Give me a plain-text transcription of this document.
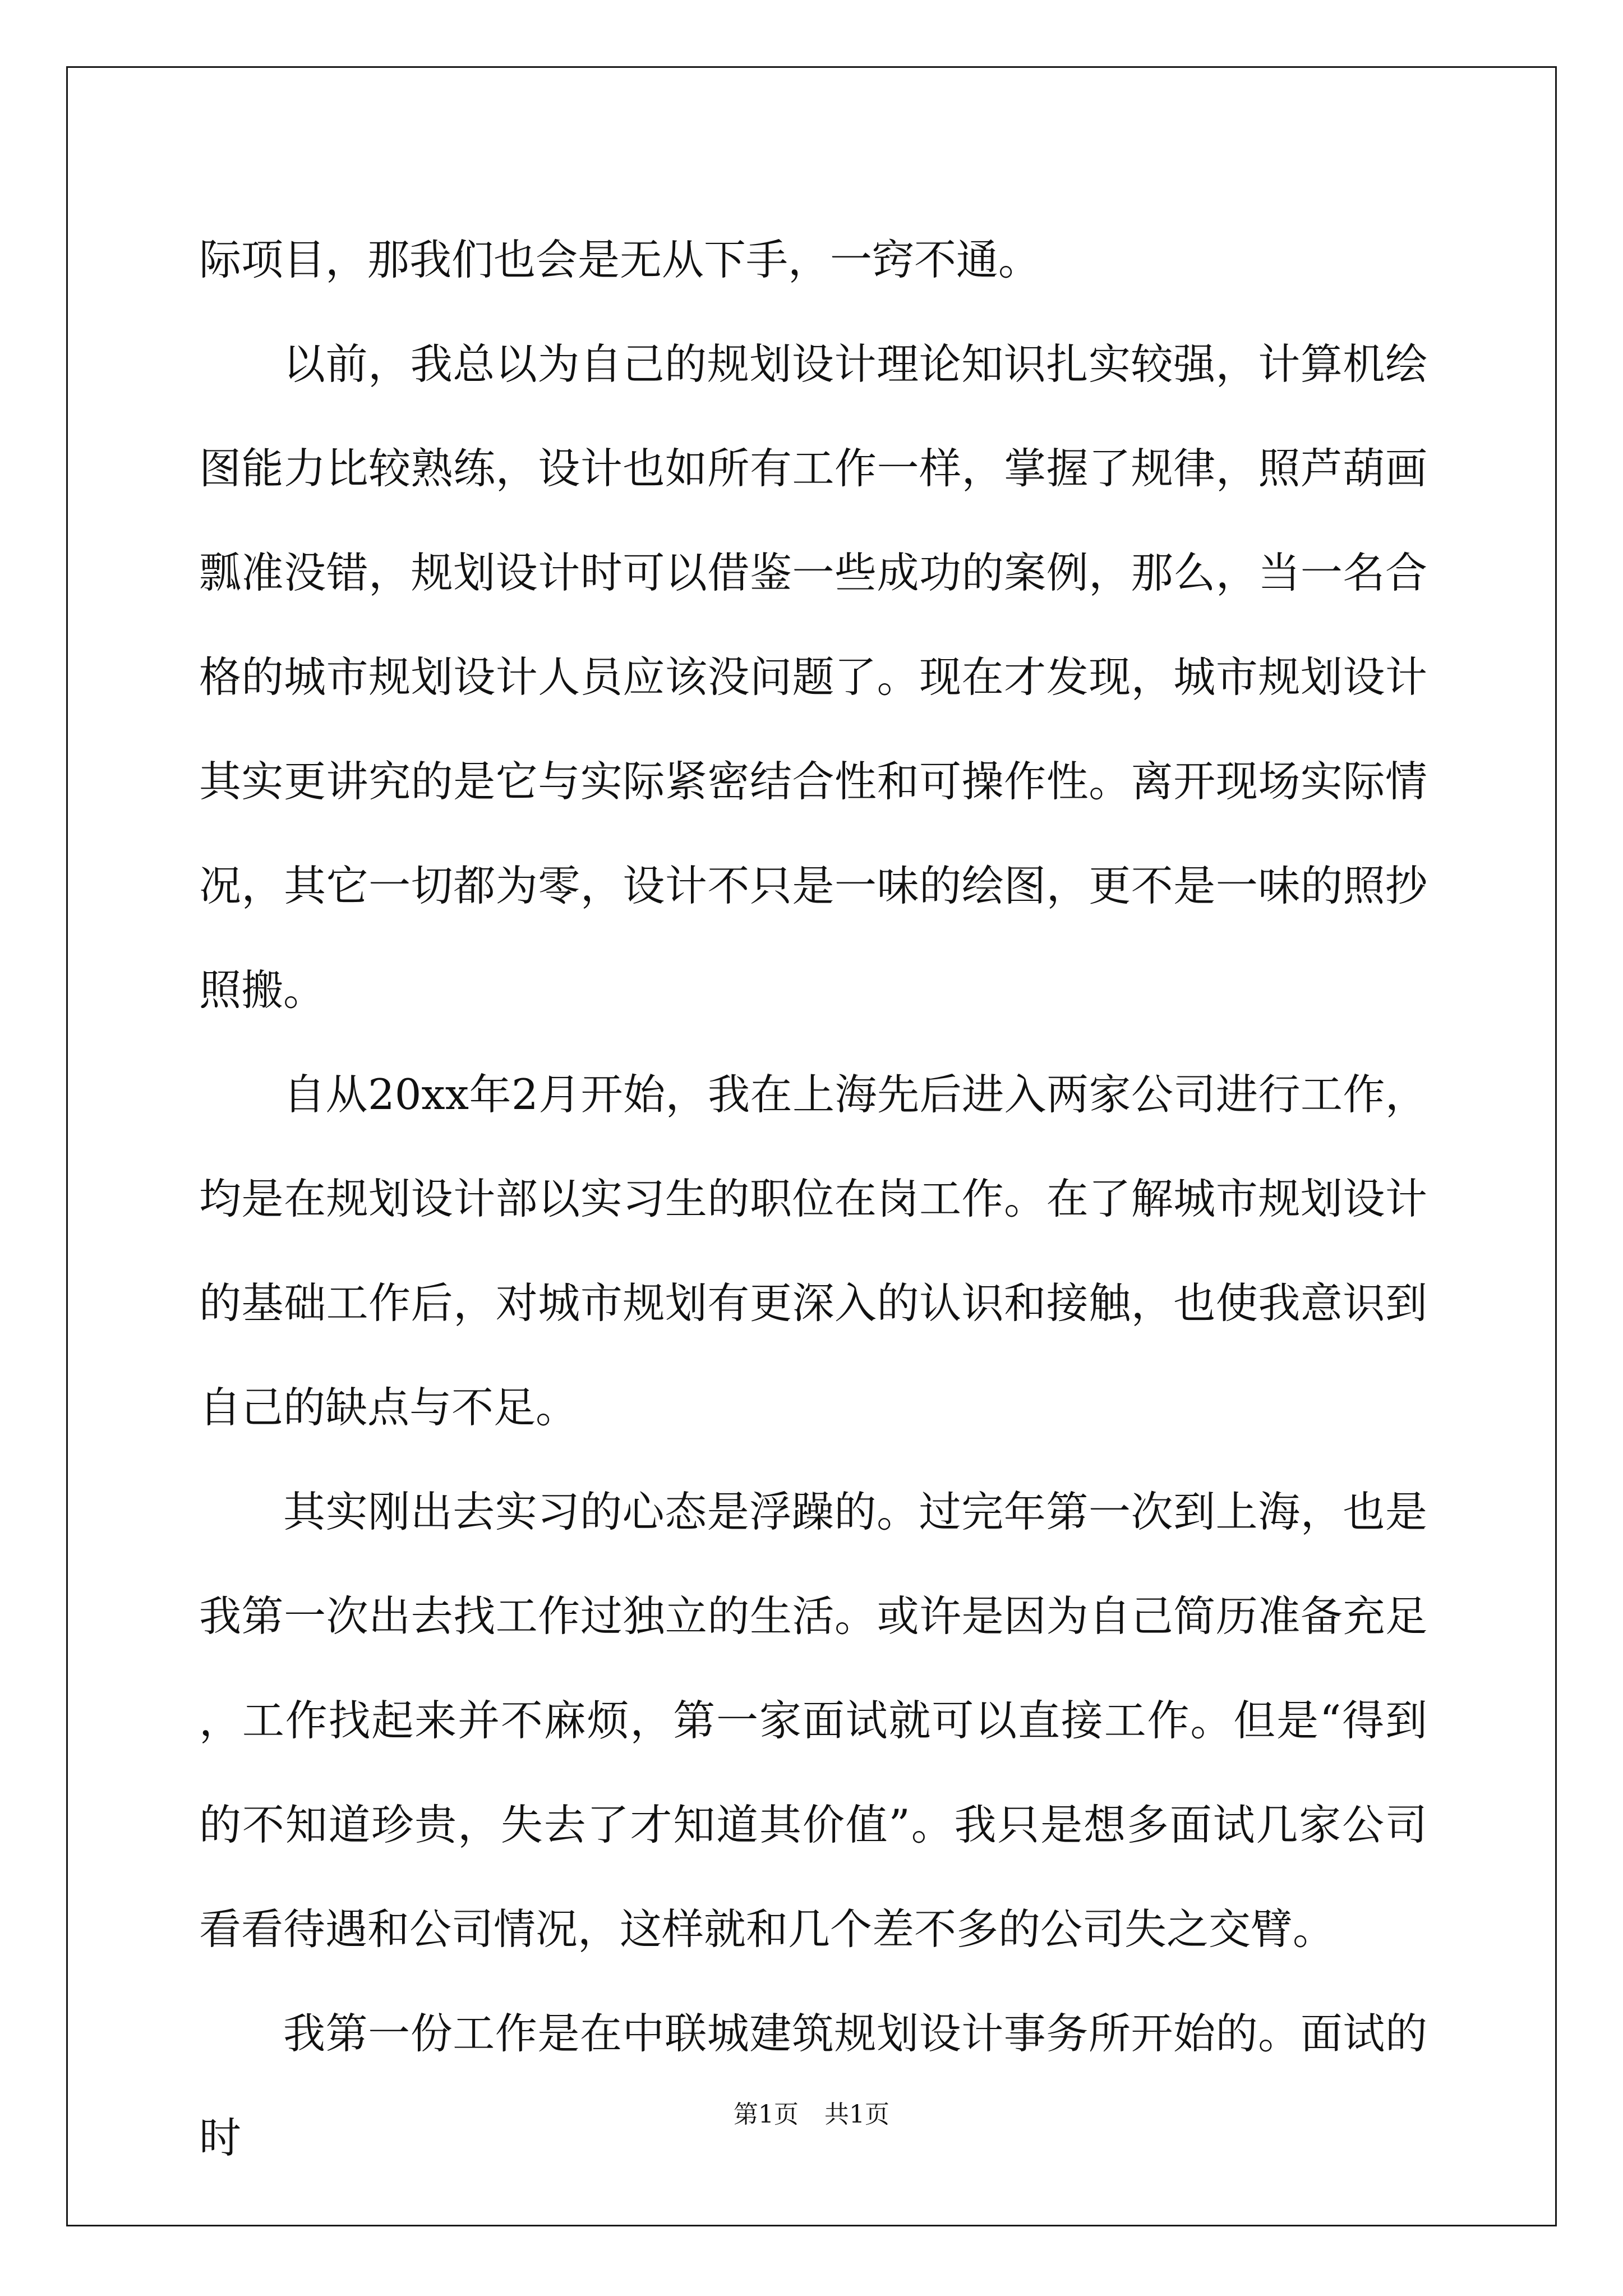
际项目，那我们也会是无从下手，一窍不通。

以前，我总以为自己的规划设计理论知识扎实较强，计算机绘图能力比较熟练，设计也如所有工作一样，掌握了规律，照芦葫画瓢准没错，规划设计时可以借鉴一些成功的案例，那么，当一名合格的城市规划设计人员应该没问题了。现在才发现，城市规划设计其实更讲究的是它与实际紧密结合性和可操作性。离开现场实际情况，其它一切都为零，设计不只是一味的绘图，更不是一味的照抄照搬。

自从20xx年2月开始，我在上海先后进入两家公司进行工作，均是在规划设计部以实习生的职位在岗工作。在了解城市规划设计的基础工作后，对城市规划有更深入的认识和接触，也使我意识到自己的缺点与不足。

其实刚出去实习的心态是浮躁的。过完年第一次到上海，也是我第一次出去找工作过独立的生活。或许是因为自己简历准备充足，工作找起来并不麻烦，第一家面试就可以直接工作。但是“得到的不知道珍贵，失去了才知道其价值”。我只是想多面试几家公司看看待遇和公司情况，这样就和几个差不多的公司失之交臂。

我第一份工作是在中联城建筑规划设计事务所开始的。面试的时	第1页 共1页
